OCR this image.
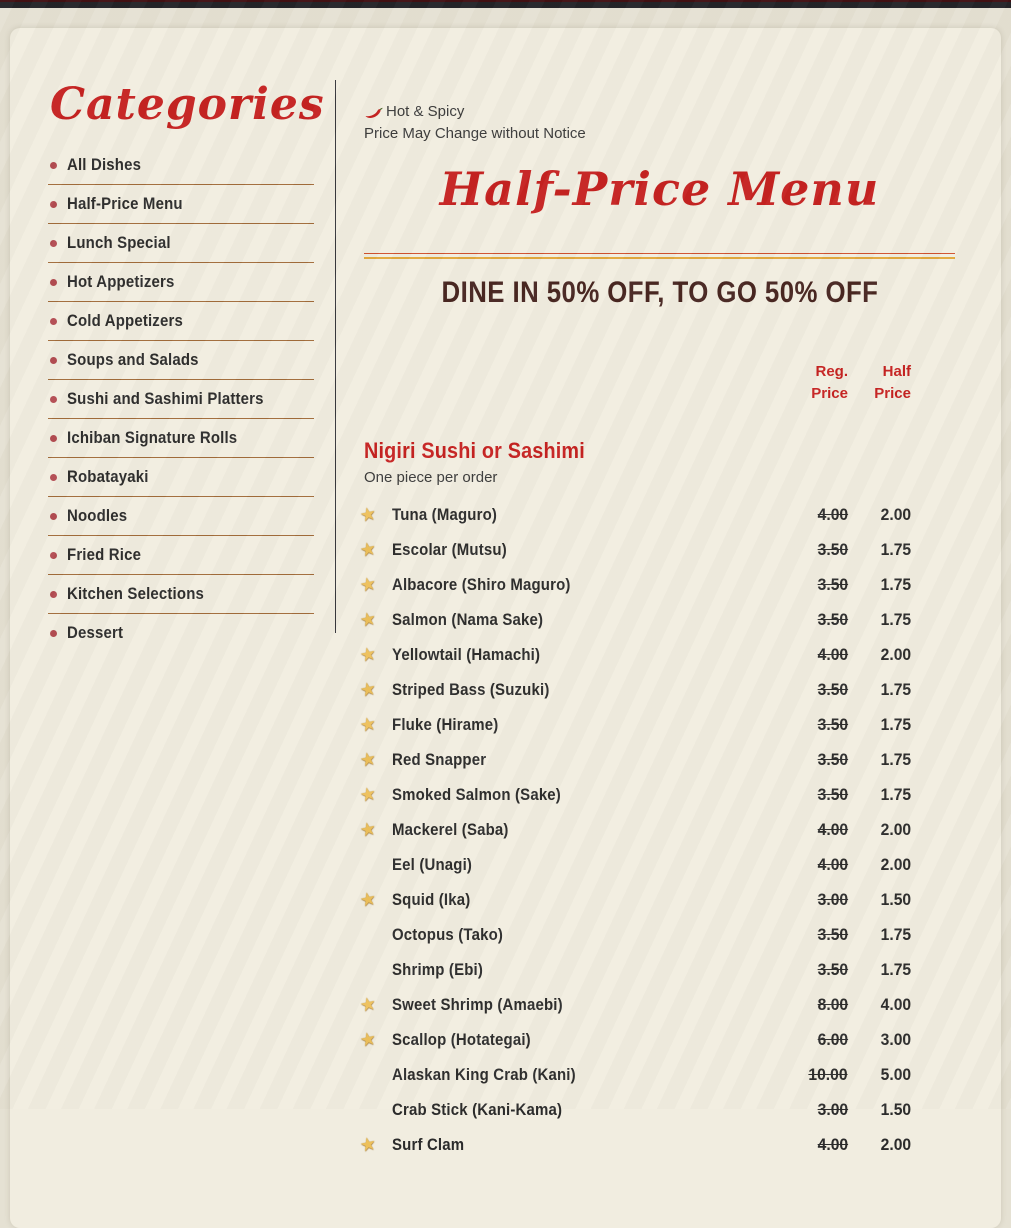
Categories
All Dishes
Half-Price Menu
Lunch Special
Hot Appetizers
Cold Appetizers
Soups and Salads
Sushi and Sashimi Platters
Ichiban Signature Rolls
Robatayaki
Noodles
Fried Rice
Kitchen Selections
Dessert
Hot & Spicy
Price May Change without Notice
Half-Price Menu
DINE IN 50% OFF, TO GO 50% OFF
Reg.
Price
Half
Price
Nigiri Sushi or Sashimi
One piece per order
★ Tuna (Maguro)	4.00	2.00
★ Escolar (Mutsu)	3.50	1.75
★ Albacore (Shiro Maguro)	3.50	1.75
★ Salmon (Nama Sake)	3.50	1.75
★ Yellowtail (Hamachi)	4.00	2.00
★ Striped Bass (Suzuki)	3.50	1.75
★ Fluke (Hirame)	3.50	1.75
★ Red Snapper	3.50	1.75
★ Smoked Salmon (Sake)	3.50	1.75
★ Mackerel (Saba)	4.00	2.00
Eel (Unagi)	4.00	2.00
★ Squid (Ika)	3.00	1.50
Octopus (Tako)	3.50	1.75
Shrimp (Ebi)	3.50	1.75
★ Sweet Shrimp (Amaebi)	8.00	4.00
★ Scallop (Hotategai)	6.00	3.00
Alaskan King Crab (Kani)	10.00	5.00
Crab Stick (Kani-Kama)	3.00	1.50
★ Surf Clam	4.00	2.00
